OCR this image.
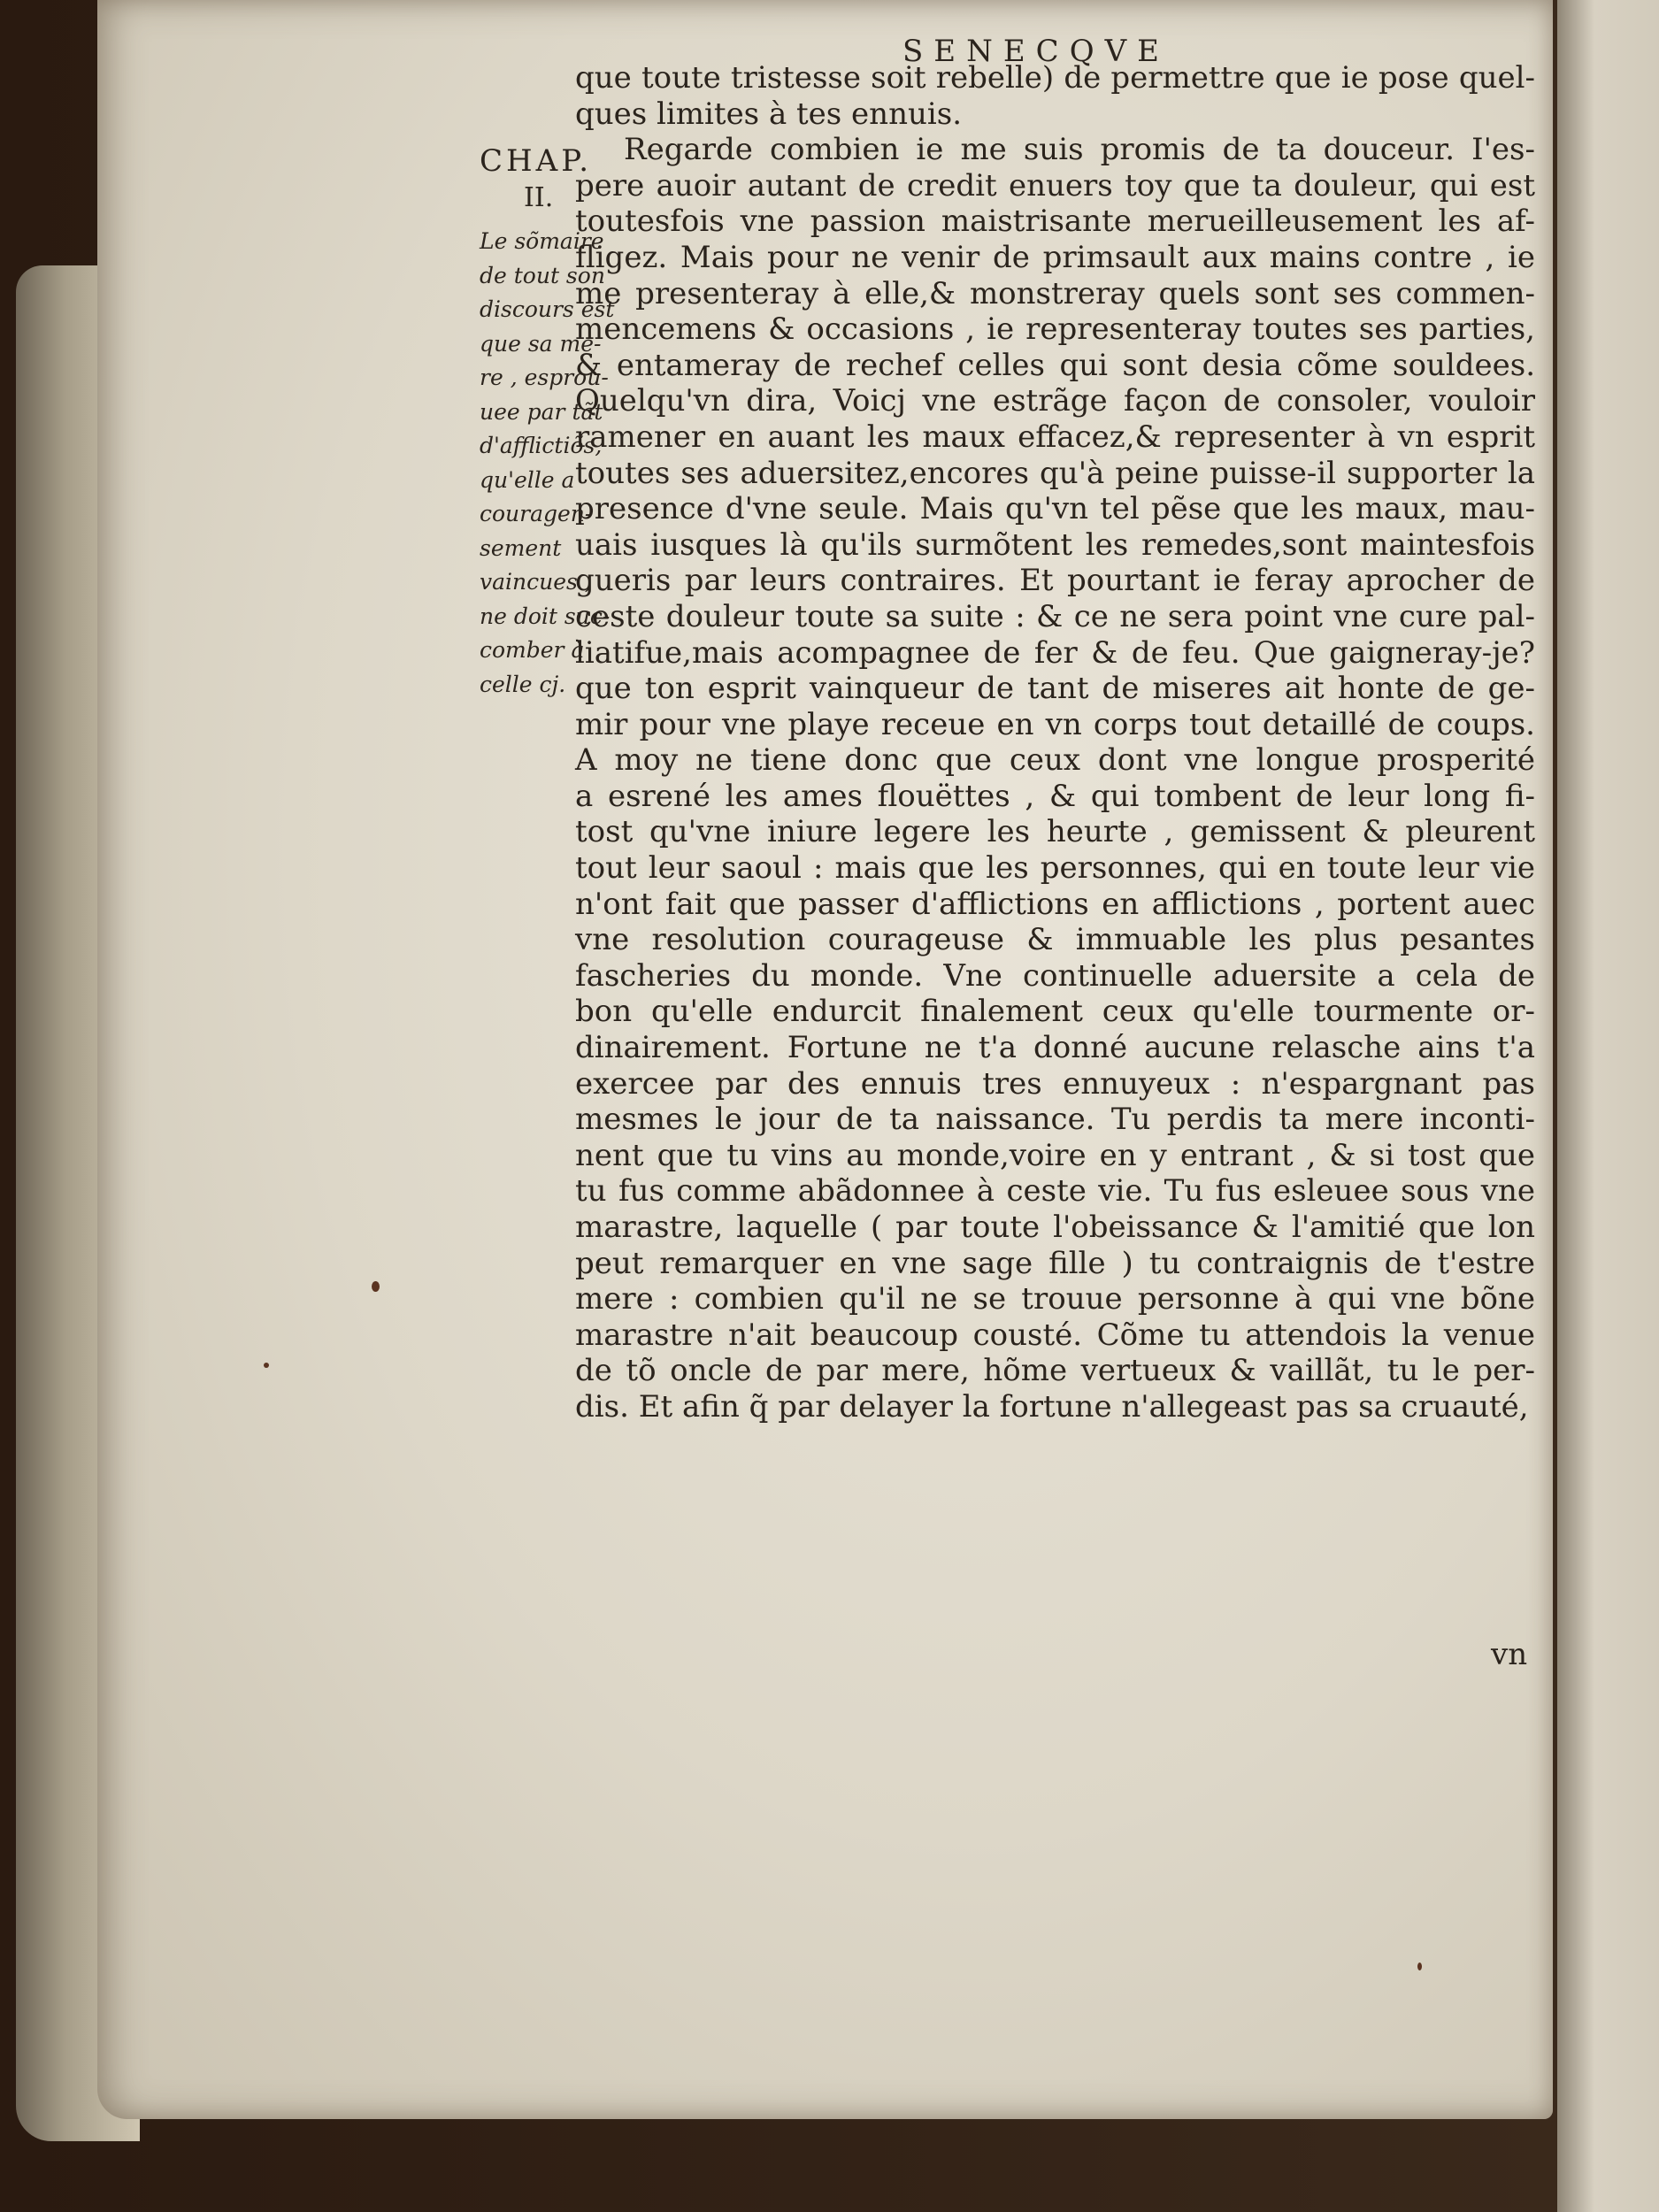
SENECQVE
CHAP.
II.
Le sõmaire
de tout son
discours est
que sa me-
re , esprou-
uee par tãt
d'afflictiõs,
qu'elle a
couragen-
sement
vaincues ,
ne doit suc-
comber à
celle cj.
que toute tristesse soit rebelle) de permettre que ie pose quel-
ques limites à tes ennuis.
Regarde combien ie me suis promis de ta douceur. I'es-
pere auoir autant de credit enuers toy que ta douleur, qui est
toutesfois vne passion maistrisante merueilleusement les af-
fligez. Mais pour ne venir de primsault aux mains contre , ie
me presenteray à elle,& monstreray quels sont ses commen-
mencemens & occasions , ie representeray toutes ses parties,
& entameray de rechef celles qui sont desia cõme souldees.
Quelqu'vn dira, Voicj vne estrãge façon de consoler, vouloir
ramener en auant les maux effacez,& representer à vn esprit
toutes ses aduersitez,encores qu'à peine puisse-il supporter la
presence d'vne seule. Mais qu'vn tel pẽse que les maux, mau-
uais iusques là qu'ils surmõtent les remedes,sont maintesfois
gueris par leurs contraires. Et pourtant ie feray aprocher de
ceste douleur toute sa suite : & ce ne sera point vne cure pal-
liatifue,mais acompagnee de fer & de feu. Que gaigneray-je?
que ton esprit vainqueur de tant de miseres ait honte de ge-
mir pour vne playe receue en vn corps tout detaillé de coups.
A moy ne tiene donc que ceux dont vne longue prosperité
a esrené les ames flouëttes , & qui tombent de leur long fi-
tost qu'vne iniure legere les heurte , gemissent & pleurent
tout leur saoul : mais que les personnes, qui en toute leur vie
n'ont fait que passer d'afflictions en afflictions , portent auec
vne resolution courageuse & immuable les plus pesantes
fascheries du monde. Vne continuelle aduersite a cela de
bon qu'elle endurcit finalement ceux qu'elle tourmente or-
dinairement. Fortune ne t'a donné aucune relasche ains t'a
exercee par des ennuis tres ennuyeux : n'espargnant pas
mesmes le jour de ta naissance. Tu perdis ta mere inconti-
nent que tu vins au monde,voire en y entrant , & si tost que
tu fus comme abãdonnee à ceste vie. Tu fus esleuee sous vne
marastre, laquelle ( par toute l'obeissance & l'amitié que lon
peut remarquer en vne sage fille ) tu contraignis de t'estre
mere : combien qu'il ne se trouue personne à qui vne bõne
marastre n'ait beaucoup cousté. Cõme tu attendois la venue
de tõ oncle de par mere, hõme vertueux & vaillãt, tu le per-
dis. Et afin q̃ par delayer la fortune n'allegeast pas sa cruauté,
vn
